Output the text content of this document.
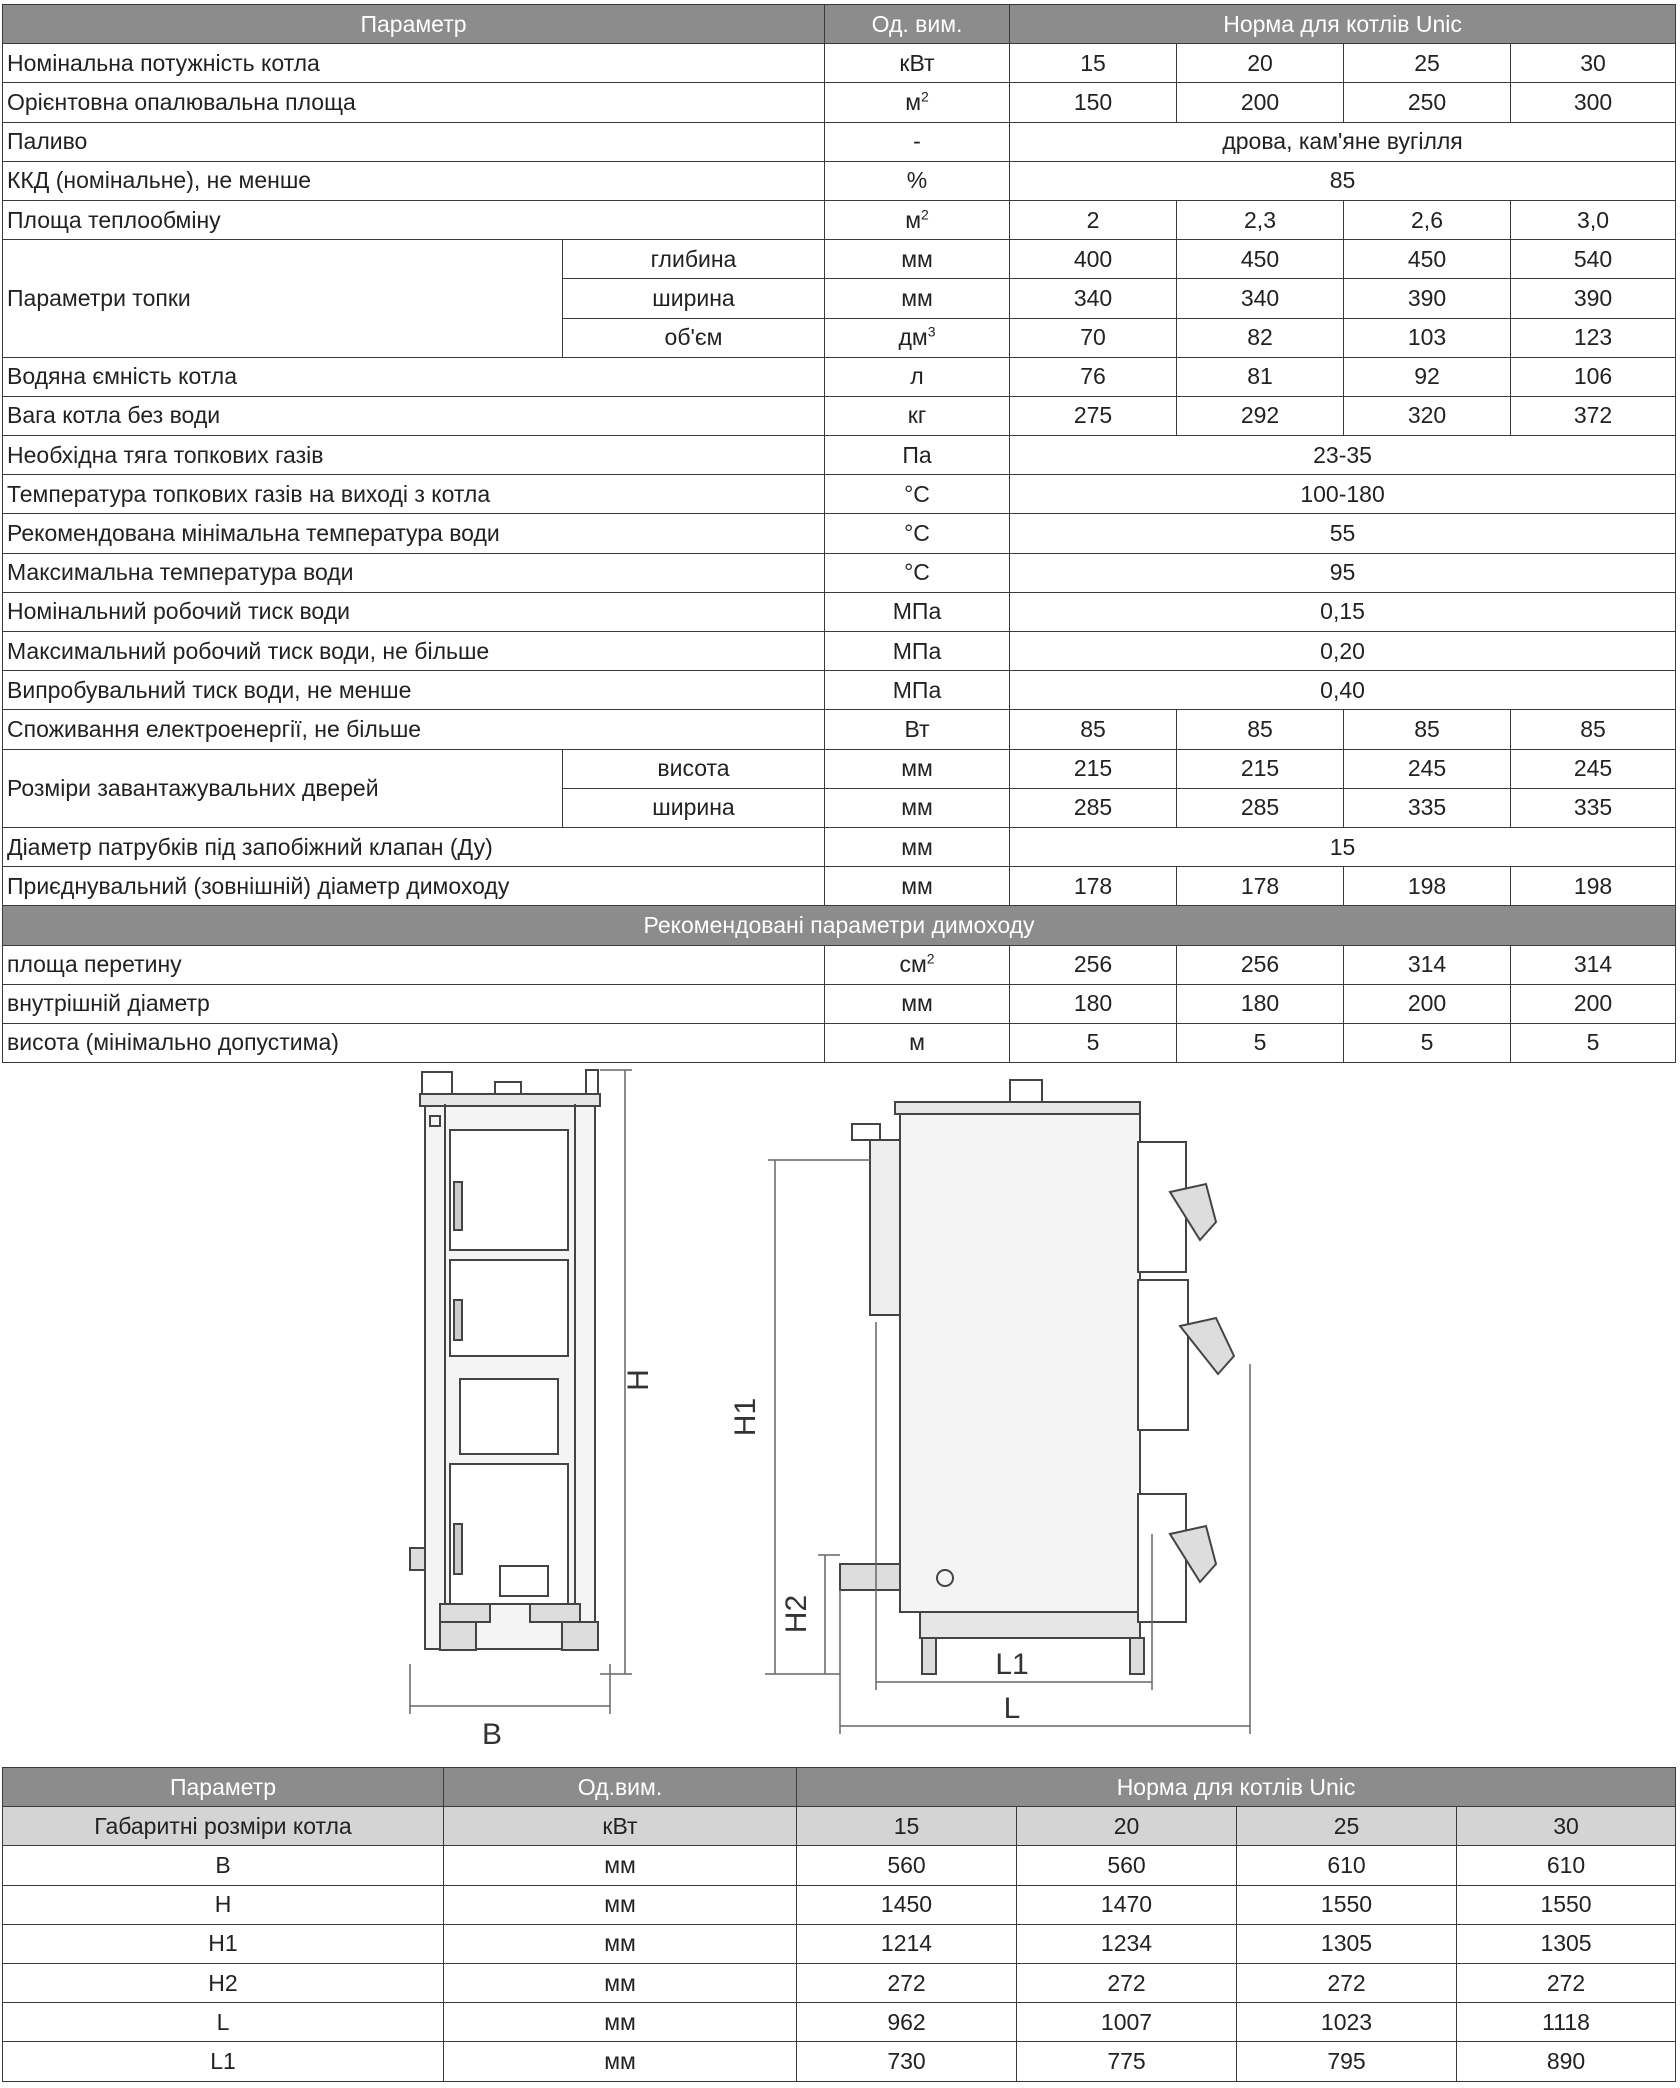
Параметр		Од. вим.	Норма для котлів Unic			
Номінальна потужність котла		кВт	15	20	25	30
Орієнтовна опалювальна площа		$м^2$	150	200	250	300
Паливо		-	дрова, кам'яне вугілля			
ККД (номінальне), не менше		%	85			
Площа теплообміну		$м^2$	2	2,3	2,6	3,0
Параметри топки	глибина	мм	400	450	450	540
	ширина	мм	340	340	390	390
	об'єм	$дм^3$	70	82	103	123
Водяна ємність котла		л	76	81	92	106
Вага котла без води		кг	275	292	320	372
Необхідна тяга топкових газів		Па	23-35			
Температура топкових газів на виході з котла		°С	100-180			
Рекомендована мінімальна температура води		°С	55			
Максимальна температура води		°С	95			
Номінальний робочий тиск води		МПа	0,15			
Максимальний робочий тиск води, не більше		МПа	0,20			
Випробувальний тиск води, не менше		МПа	0,40			
Споживання електроенергії, не більше		Вт	85	85	85	85
Розміри завантажувальних дверей	висота	мм	215	215	245	245
	ширина	мм	285	285	335	335
Діаметр патрубків під запобіжний клапан (Ду)		мм	15			
Приєднувальний (зовнішній) діаметр димоходу		мм	178	178	198	198
Рекомендовані параметри димоходу						
площа перетину		$см^2$	256	256	314	314
внутрішній діаметр		мм	180	180	200	200
висота (мінімально допустима)		м	5	5	5	5
H
B
H1
H2
L1
L
Параметр	Од.вим.	Норма для котлів Unic			
Габаритні розміри котла	кВт	15	20	25	30
B	мм	560	560	610	610
H	мм	1450	1470	1550	1550
H1	мм	1214	1234	1305	1305
H2	мм	272	272	272	272
L	мм	962	1007	1023	1118
L1	мм	730	775	795	890
